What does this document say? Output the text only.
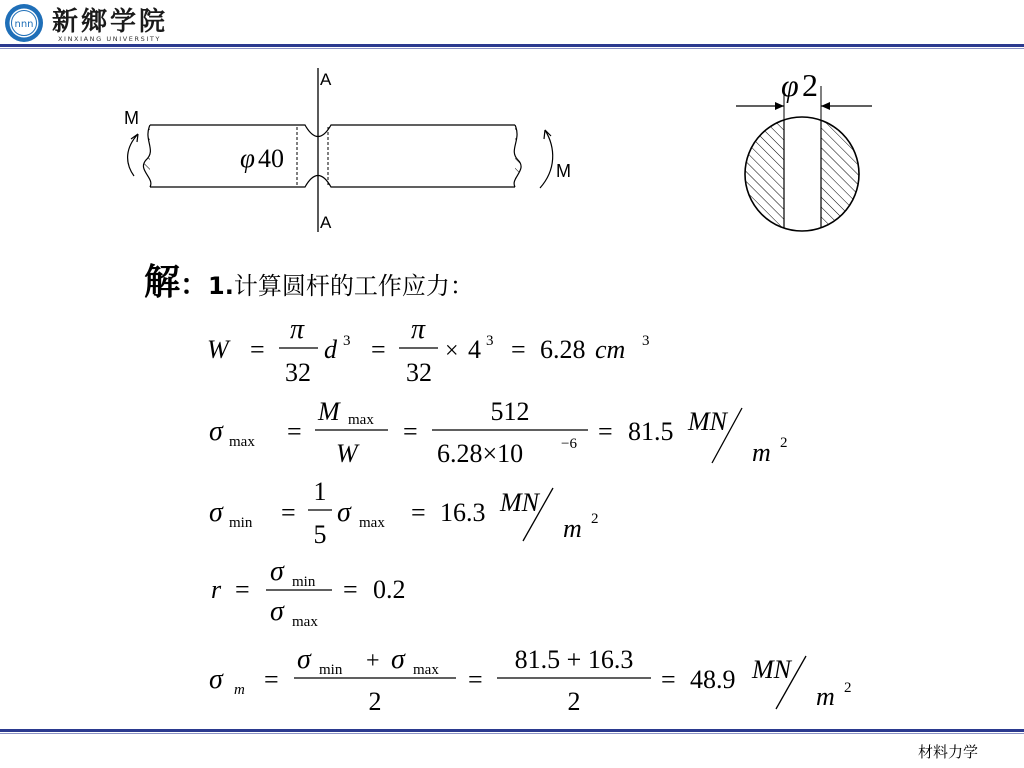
nnn 新鄉学院
XINXIANG UNIVERSITY
A
A
φ 40
M
M
φ 2
解：1.计算圆杆的工作应力：
W =
π
32
d 3 =
π
32
× 4 3 = 6.28 cm 3
σ max =
M max
W
=
512
6.28×10	−6 = 81.5 MN
m 2
σ min =
1
5
σ max = 16.3 MN
m 2
r =
σ min
σ max
= 0.2
σ m =
σ min + σ max
2
=
81.5 + 16.3
2
= 48.9 MN
m 2
材料力学
